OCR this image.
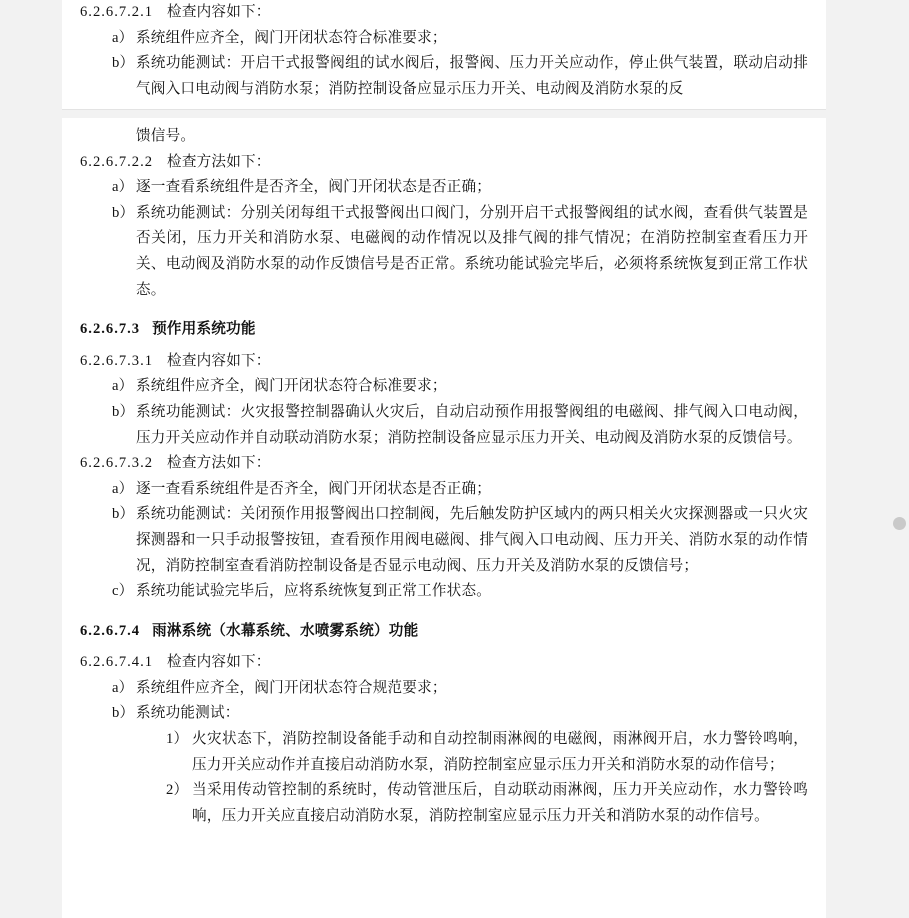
6.2.6.7.2.1 检查内容如下：

a） 系统组件应齐全，阀门开闭状态符合标准要求；
b） 系统功能测试：开启干式报警阀组的试水阀后，报警阀、压力开关应动作，停止供气装置，联动启动排气阀入口电动阀与消防水泵；消防控制设备应显示压力开关、电动阀及消防水泵的反

馈信号。

6.2.6.7.2.2 检查方法如下：

a） 逐一查看系统组件是否齐全，阀门开闭状态是否正确；
b） 系统功能测试：分别关闭每组干式报警阀出口阀门，分别开启干式报警阀组的试水阀，查看供气装置是否关闭，压力开关和消防水泵、电磁阀的动作情况以及排气阀的排气情况；在消防控制室查看压力开关、电动阀及消防水泵的动作反馈信号是否正常。系统功能试验完毕后，必须将系统恢复到正常工作状态。

6.2.6.7.3 预作用系统功能

6.2.6.7.3.1 检查内容如下：

a） 系统组件应齐全，阀门开闭状态符合标准要求；
b） 系统功能测试：火灾报警控制器确认火灾后，自动启动预作用报警阀组的电磁阀、排气阀入口电动阀，压力开关应动作并自动联动消防水泵；消防控制设备应显示压力开关、电动阀及消防水泵的反馈信号。

6.2.6.7.3.2 检查方法如下：

a） 逐一查看系统组件是否齐全，阀门开闭状态是否正确；
b） 系统功能测试：关闭预作用报警阀出口控制阀，先后触发防护区域内的两只相关火灾探测器或一只火灾探测器和一只手动报警按钮，查看预作用阀电磁阀、排气阀入口电动阀、压力开关、消防水泵的动作情况，消防控制室查看消防控制设备是否显示电动阀、压力开关及消防水泵的反馈信号；
c） 系统功能试验完毕后，应将系统恢复到正常工作状态。

6.2.6.7.4 雨淋系统（水幕系统、水喷雾系统）功能

6.2.6.7.4.1 检查内容如下：

a） 系统组件应齐全，阀门开闭状态符合规范要求；
b） 系统功能测试：
1） 火灾状态下，消防控制设备能手动和自动控制雨淋阀的电磁阀，雨淋阀开启，水力警铃鸣响，压力开关应动作并直接启动消防水泵，消防控制室应显示压力开关和消防水泵的动作信号；
2） 当采用传动管控制的系统时，传动管泄压后，自动联动雨淋阀，压力开关应动作，水力警铃鸣响，压力开关应直接启动消防水泵，消防控制室应显示压力开关和消防水泵的动作信号。
